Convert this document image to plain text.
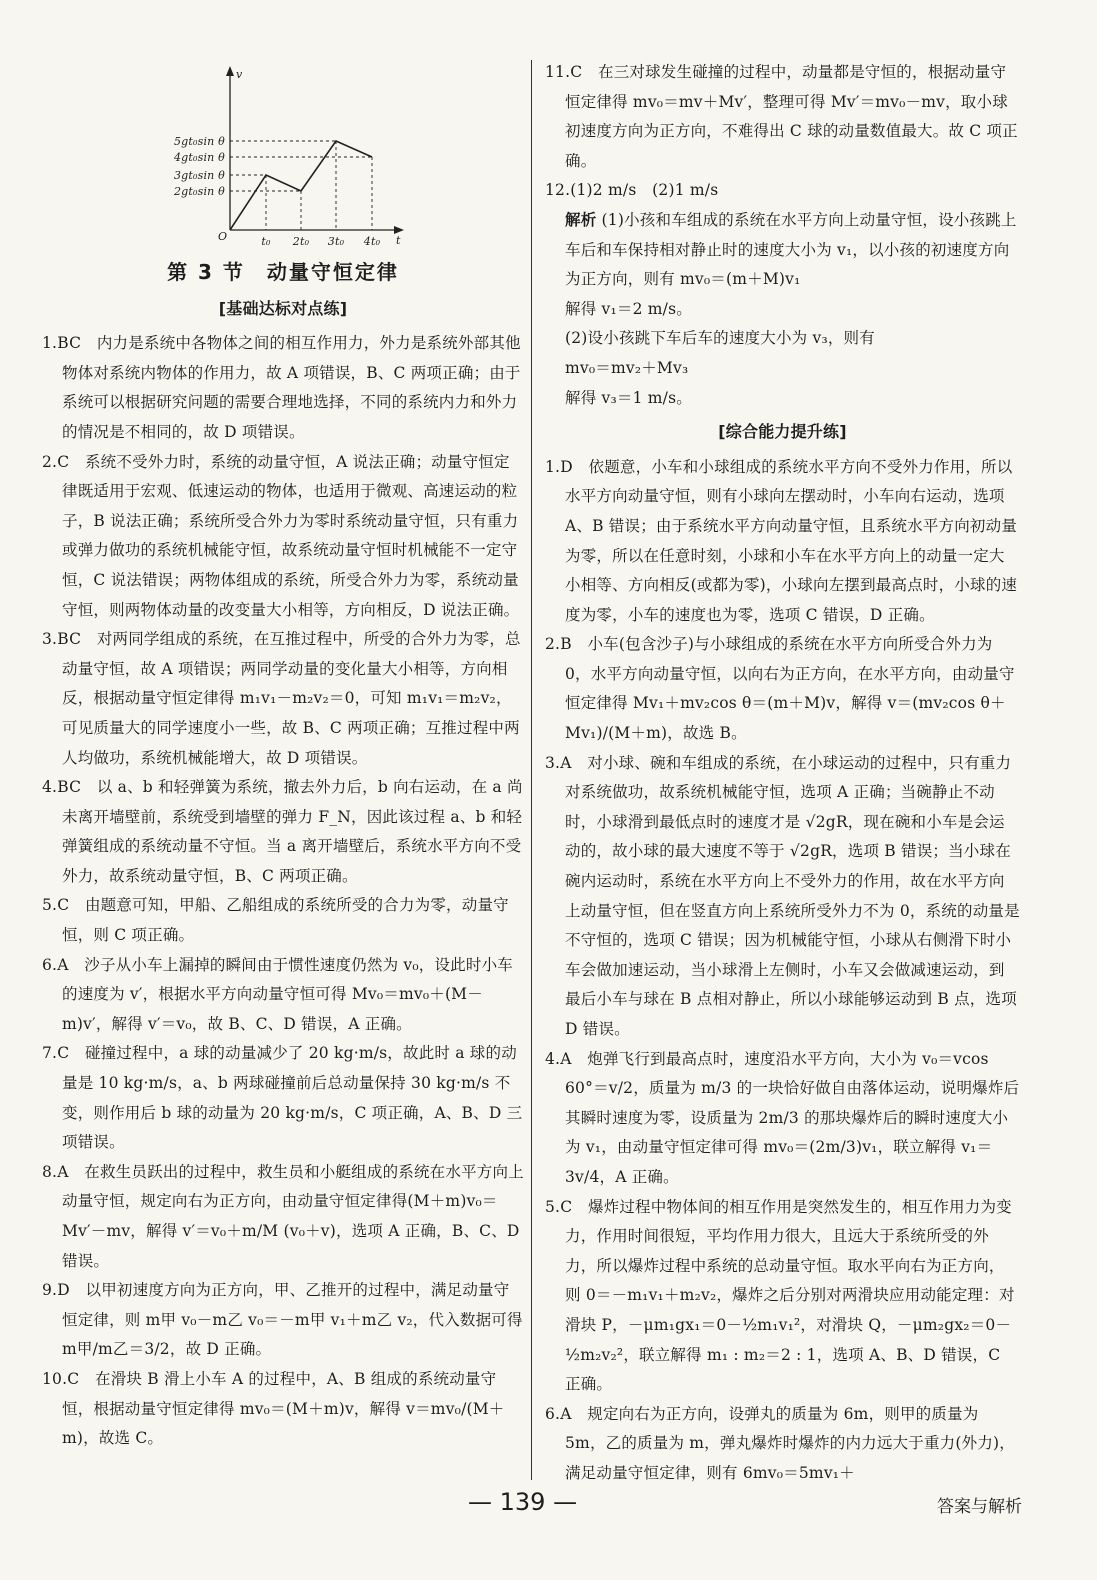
v
t
O
5gt₀sin θ
4gt₀sin θ
3gt₀sin θ
2gt₀sin θ
t₀ 2t₀ 3t₀ 4t₀
第 3 节　动量守恒定律
[基础达标对点练]

1.BC　内力是系统中各物体之间的相互作用力，外力是系统外部其他物体对系统内物体的作用力，故 A 项错误，B、C 两项正确；由于系统可以根据研究问题的需要合理地选择，不同的系统内力和外力的情况是不相同的，故 D 项错误。

2.C　系统不受外力时，系统的动量守恒，A 说法正确；动量守恒定律既适用于宏观、低速运动的物体，也适用于微观、高速运动的粒子，B 说法正确；系统所受合外力为零时系统动量守恒，只有重力或弹力做功的系统机械能守恒，故系统动量守恒时机械能不一定守恒，C 说法错误；两物体组成的系统，所受合外力为零，系统动量守恒，则两物体动量的改变量大小相等，方向相反，D 说法正确。

3.BC　对两同学组成的系统，在互推过程中，所受的合外力为零，总动量守恒，故 A 项错误；两同学动量的变化量大小相等，方向相反，根据动量守恒定律得 m₁v₁－m₂v₂＝0，可知 m₁v₁＝m₂v₂，可见质量大的同学速度小一些，故 B、C 两项正确；互推过程中两人均做功，系统机械能增大，故 D 项错误。

4.BC　以 a、b 和轻弹簧为系统，撤去外力后，b 向右运动，在 a 尚未离开墙壁前，系统受到墙壁的弹力 F_N，因此该过程 a、b 和轻弹簧组成的系统动量不守恒。当 a 离开墙壁后，系统水平方向不受外力，故系统动量守恒，B、C 两项正确。

5.C　由题意可知，甲船、乙船组成的系统所受的合力为零，动量守恒，则 C 项正确。

6.A　沙子从小车上漏掉的瞬间由于惯性速度仍然为 v₀，设此时小车的速度为 v′，根据水平方向动量守恒可得 Mv₀＝mv₀＋(M－m)v′，解得 v′＝v₀，故 B、C、D 错误，A 正确。

7.C　碰撞过程中，a 球的动量减少了 20 kg·m/s，故此时 a 球的动量是 10 kg·m/s，a、b 两球碰撞前后总动量保持 30 kg·m/s 不变，则作用后 b 球的动量为 20 kg·m/s，C 项正确，A、B、D 三项错误。

8.A　在救生员跃出的过程中，救生员和小艇组成的系统在水平方向上动量守恒，规定向右为正方向，由动量守恒定律得(M＋m)v₀＝Mv′－mv，解得 v′＝v₀＋m/M (v₀＋v)，选项 A 正确，B、C、D 错误。

9.D　以甲初速度方向为正方向，甲、乙推开的过程中，满足动量守恒定律，则 m甲 v₀－m乙 v₀＝－m甲 v₁＋m乙 v₂，代入数据可得 m甲/m乙＝3/2，故 D 正确。

10.C　在滑块 B 滑上小车 A 的过程中，A、B 组成的系统动量守恒，根据动量守恒定律得 mv₀＝(M＋m)v，解得 v＝mv₀/(M＋m)，故选 C。

11.C　在三对球发生碰撞的过程中，动量都是守恒的，根据动量守恒定律得 mv₀＝mv＋Mv′，整理可得 Mv′＝mv₀－mv，取小球初速度方向为正方向，不难得出 C 球的动量数值最大。故 C 项正确。

12.(1)2 m/s　(2)1 m/s

解析 (1)小孩和车组成的系统在水平方向上动量守恒，设小孩跳上车后和车保持相对静止时的速度大小为 v₁，以小孩的初速度方向为正方向，则有 mv₀＝(m＋M)v₁

解得 v₁＝2 m/s。

(2)设小孩跳下车后车的速度大小为 v₃，则有

mv₀＝mv₂＋Mv₃

解得 v₃＝1 m/s。

[综合能力提升练]

1.D　依题意，小车和小球组成的系统水平方向不受外力作用，所以水平方向动量守恒，则有小球向左摆动时，小车向右运动，选项 A、B 错误；由于系统水平方向动量守恒，且系统水平方向初动量为零，所以在任意时刻，小球和小车在水平方向上的动量一定大小相等、方向相反(或都为零)，小球向左摆到最高点时，小球的速度为零，小车的速度也为零，选项 C 错误，D 正确。

2.B　小车(包含沙子)与小球组成的系统在水平方向所受合外力为 0，水平方向动量守恒，以向右为正方向，在水平方向，由动量守恒定律得 Mv₁＋mv₂cos θ＝(m＋M)v，解得 v＝(mv₂cos θ＋Mv₁)/(M＋m)，故选 B。

3.A　对小球、碗和车组成的系统，在小球运动的过程中，只有重力对系统做功，故系统机械能守恒，选项 A 正确；当碗静止不动时，小球滑到最低点时的速度才是 √2gR，现在碗和小车是会运动的，故小球的最大速度不等于 √2gR，选项 B 错误；当小球在碗内运动时，系统在水平方向上不受外力的作用，故在水平方向上动量守恒，但在竖直方向上系统所受外力不为 0，系统的动量是不守恒的，选项 C 错误；因为机械能守恒，小球从右侧滑下时小车会做加速运动，当小球滑上左侧时，小车又会做减速运动，到最后小车与球在 B 点相对静止，所以小球能够运动到 B 点，选项 D 错误。

4.A　炮弹飞行到最高点时，速度沿水平方向，大小为 v₀＝vcos 60°＝v/2，质量为 m/3 的一块恰好做自由落体运动，说明爆炸后其瞬时速度为零，设质量为 2m/3 的那块爆炸后的瞬时速度大小为 v₁，由动量守恒定律可得 mv₀＝(2m/3)v₁，联立解得 v₁＝3v/4，A 正确。

5.C　爆炸过程中物体间的相互作用是突然发生的，相互作用力为变力，作用时间很短，平均作用力很大，且远大于系统所受的外力，所以爆炸过程中系统的总动量守恒。取水平向右为正方向，则 0＝－m₁v₁＋m₂v₂，爆炸之后分别对两滑块应用动能定理：对滑块 P，－μm₁gx₁＝0－½m₁v₁²，对滑块 Q，－μm₂gx₂＝0－½m₂v₂²，联立解得 m₁ : m₂＝2 : 1，选项 A、B、D 错误，C 正确。

6.A　规定向右为正方向，设弹丸的质量为 6m，则甲的质量为 5m，乙的质量为 m，弹丸爆炸时爆炸的内力远大于重力(外力)，满足动量守恒定律，则有 6mv₀＝5mv₁＋

— 139 —	答案与解析
